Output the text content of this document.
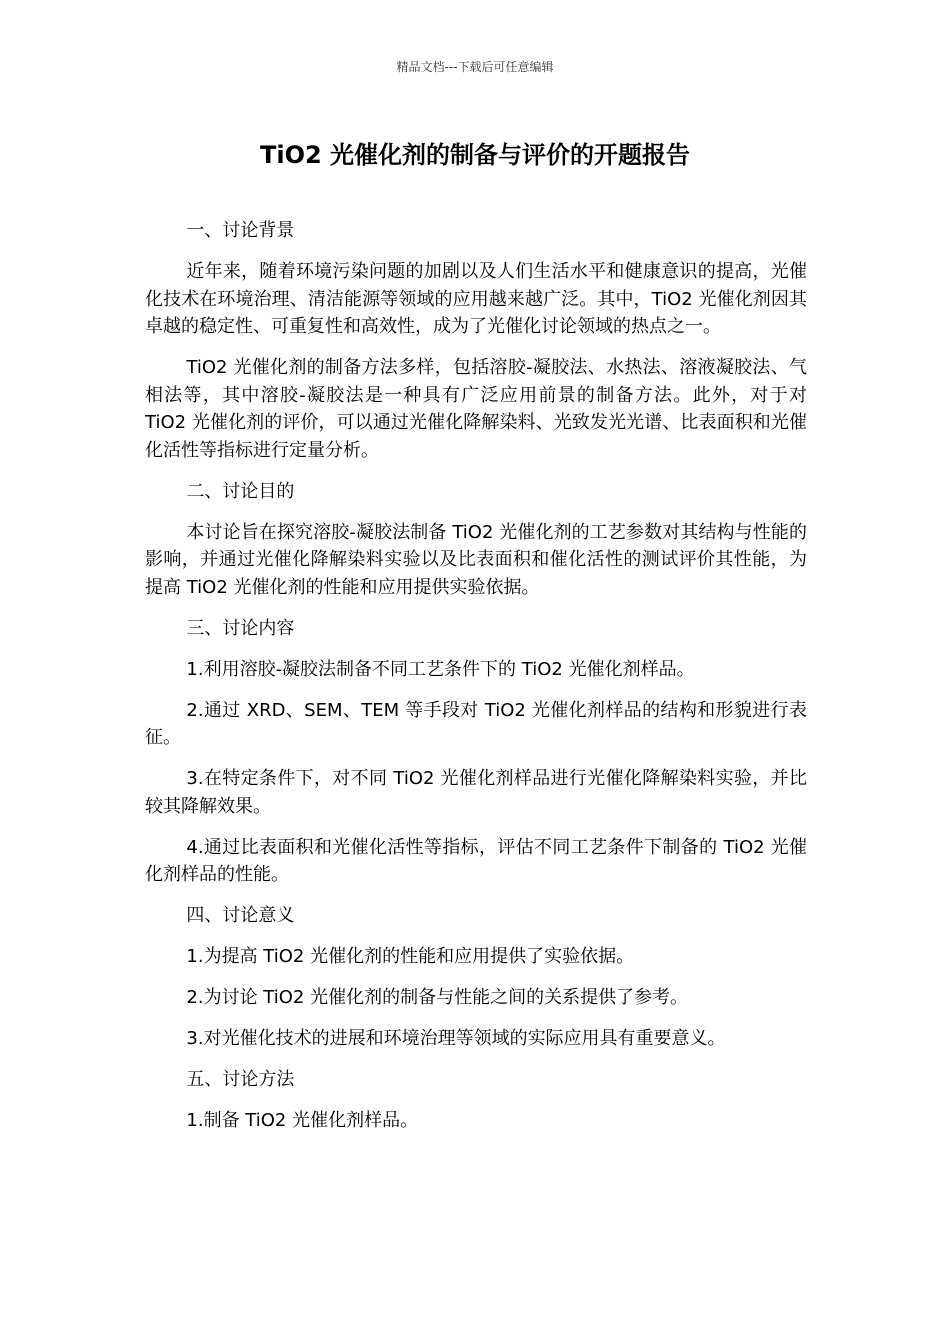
精品文档---下载后可任意编辑
TiO2 光催化剂的制备与评价的开题报告

一、讨论背景

近年来，随着环境污染问题的加剧以及人们生活水平和健康意识的提高，光催化技术在环境治理、清洁能源等领域的应用越来越广泛。其中，TiO2 光催化剂因其卓越的稳定性、可重复性和高效性，成为了光催化讨论领域的热点之一。

TiO2 光催化剂的制备方法多样，包括溶胶-凝胶法、水热法、溶液凝胶法、气相法等，其中溶胶-凝胶法是一种具有广泛应用前景的制备方法。此外，对于对 TiO2 光催化剂的评价，可以通过光催化降解染料、光致发光光谱、比表面积和光催化活性等指标进行定量分析。

二、讨论目的

本讨论旨在探究溶胶-凝胶法制备 TiO2 光催化剂的工艺参数对其结构与性能的影响，并通过光催化降解染料实验以及比表面积和催化活性的测试评价其性能，为提高 TiO2 光催化剂的性能和应用提供实验依据。

三、讨论内容

1.利用溶胶-凝胶法制备不同工艺条件下的 TiO2 光催化剂样品。

2.通过 XRD、SEM、TEM 等手段对 TiO2 光催化剂样品的结构和形貌进行表征。

3.在特定条件下，对不同 TiO2 光催化剂样品进行光催化降解染料实验，并比较其降解效果。

4.通过比表面积和光催化活性等指标，评估不同工艺条件下制备的 TiO2 光催化剂样品的性能。

四、讨论意义

1.为提高 TiO2 光催化剂的性能和应用提供了实验依据。

2.为讨论 TiO2 光催化剂的制备与性能之间的关系提供了参考。

3.对光催化技术的进展和环境治理等领域的实际应用具有重要意义。

五、讨论方法

1.制备 TiO2 光催化剂样品。
